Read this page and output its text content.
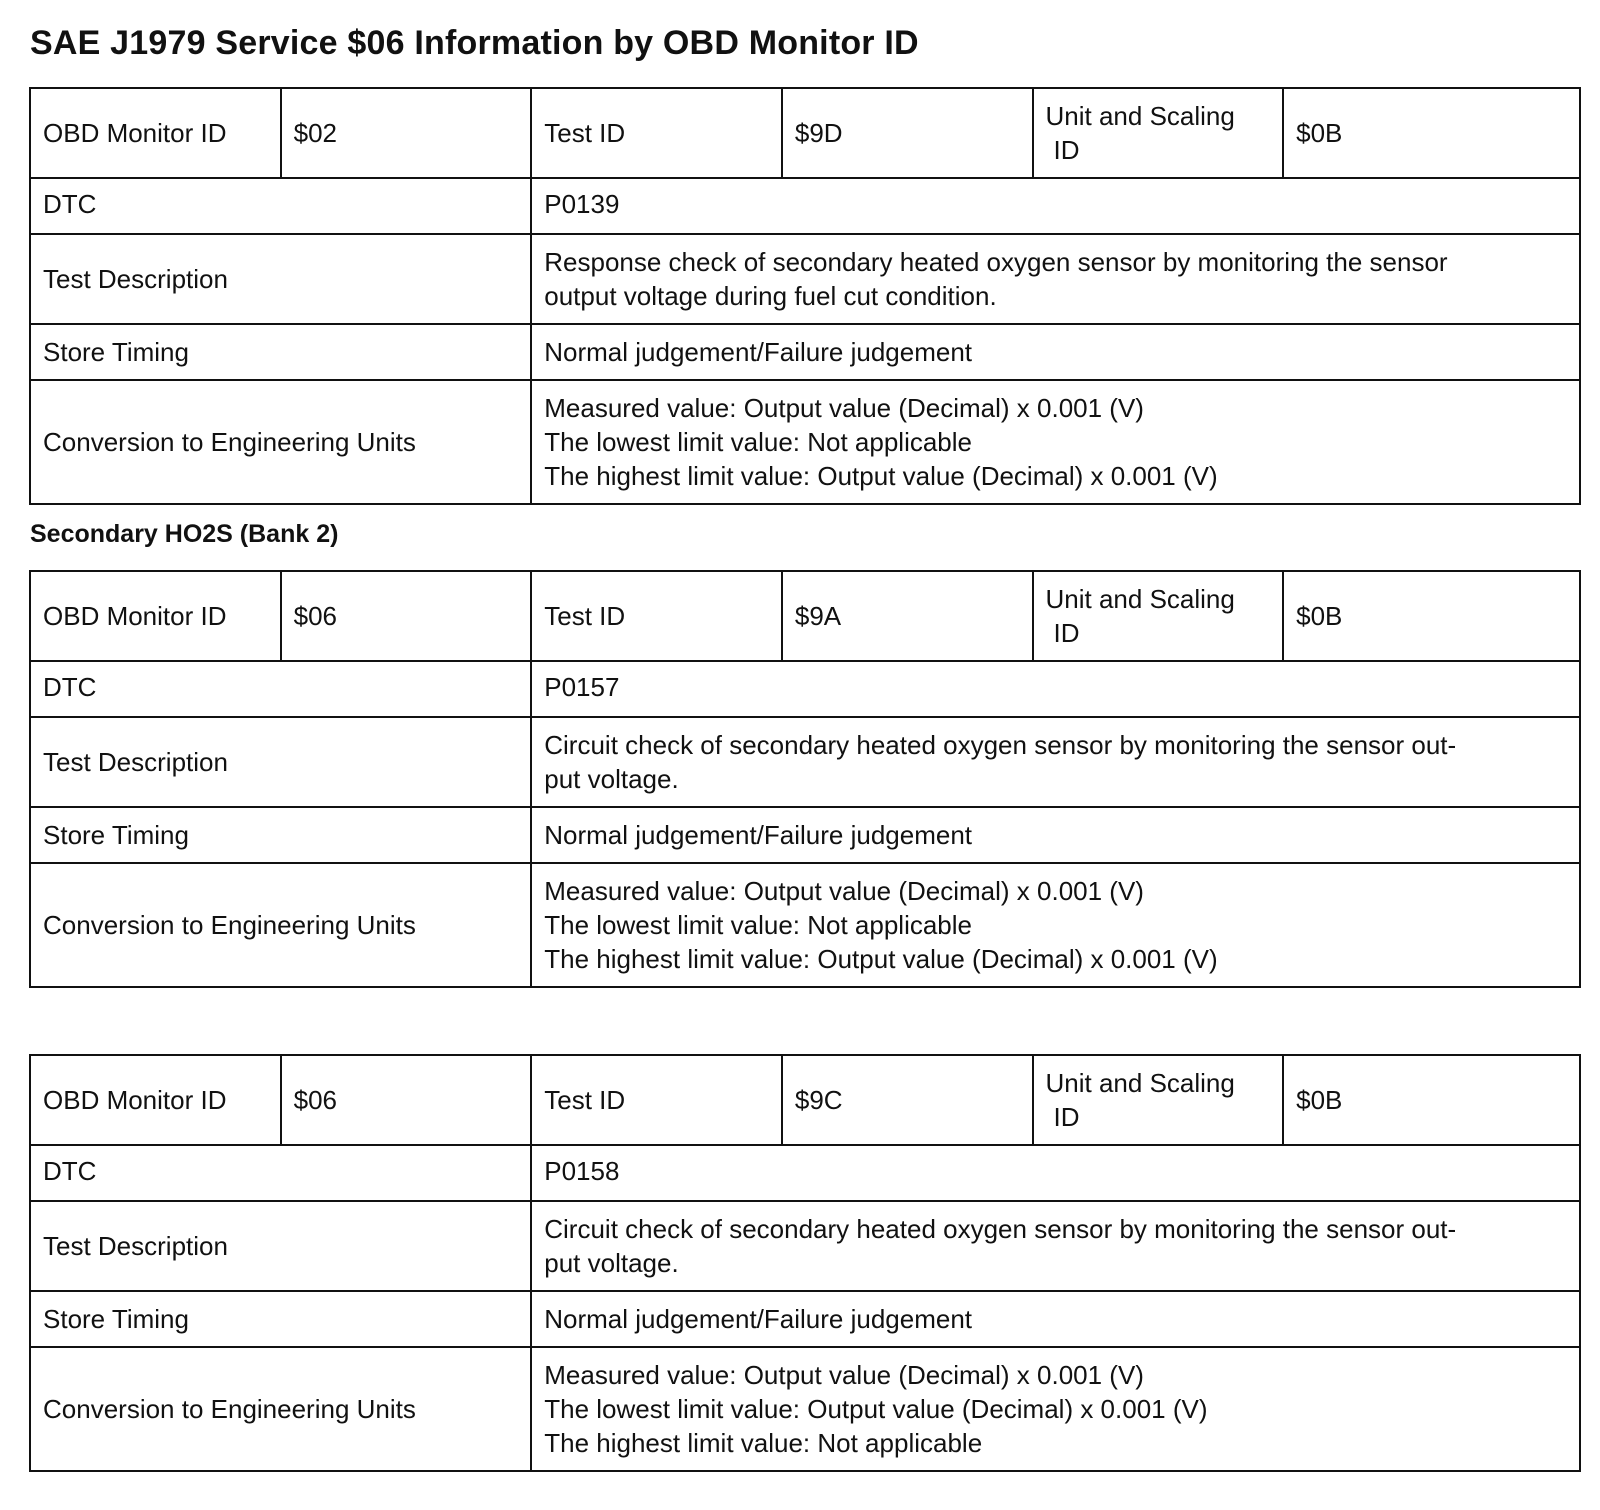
SAE J1979 Service $06 Information by OBD Monitor ID
OBD Monitor ID	$02	Test ID	$9D	Unit and Scaling
ID	$0B
DTC		P0139			
Test Description		Response check of secondary heated oxygen sensor by monitoring the sensor
output voltage during fuel cut condition.			

Store Timing		Normal judgement/Failure judgement			
Conversion to Engineering Units		Measured value: Output value (Decimal) x 0.001 (V)
The lowest limit value: Not applicable
The highest limit value: Output value (Decimal) x 0.001 (V)			
Secondary HO2S (Bank 2)
OBD Monitor ID	$06	Test ID	$9A	Unit and Scaling
ID	$0B
DTC		P0157			
Test Description		Circuit check of secondary heated oxygen sensor by monitoring the sensor out-
put voltage.			

Store Timing		Normal judgement/Failure judgement			
Conversion to Engineering Units		Measured value: Output value (Decimal) x 0.001 (V)
The lowest limit value: Not applicable
The highest limit value: Output value (Decimal) x 0.001 (V)			
OBD Monitor ID	$06	Test ID	$9C	Unit and Scaling
ID	$0B
DTC		P0158			
Test Description		Circuit check of secondary heated oxygen sensor by monitoring the sensor out-
put voltage.			

Store Timing		Normal judgement/Failure judgement			
Conversion to Engineering Units		Measured value: Output value (Decimal) x 0.001 (V)
The lowest limit value: Output value (Decimal) x 0.001 (V)
The highest limit value: Not applicable			
